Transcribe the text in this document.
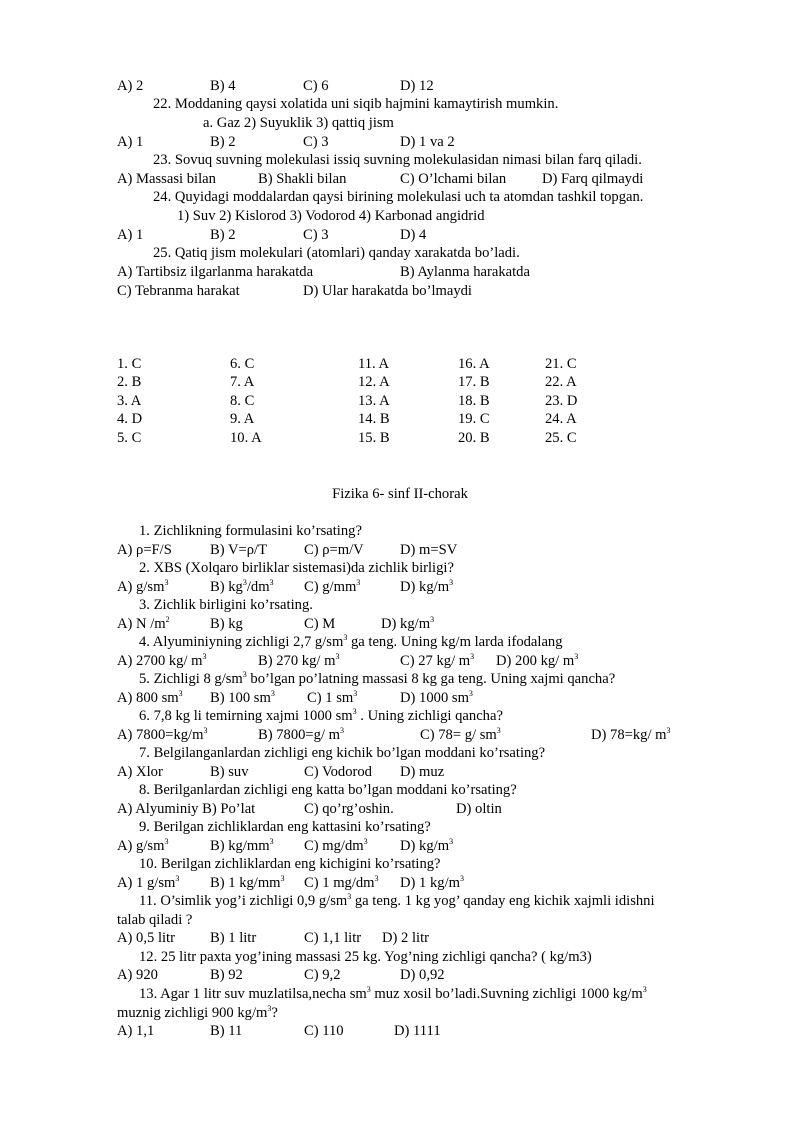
A) 2	B) 4	C) 6	D) 12
22. Moddaning qaysi xolatida uni siqib hajmini kamaytirish mumkin.
a. Gaz 2) Suyuklik 3) qattiq jism
A) 1	B) 2	C) 3	D) 1 va 2
23. Sovuq suvning molekulasi issiq suvning molekulasidan nimasi bilan farq qiladi.
A) Massasi bilan	B) Shakli bilan	C) O’lchami bilan D) Farq qilmaydi
24. Quyidagi moddalardan qaysi birining molekulasi uch ta atomdan tashkil topgan.
1) Suv 2) Kislorod 3) Vodorod 4) Karbonad angidrid
A) 1	B) 2	C) 3	D) 4
25. Qatiq jism molekulari (atomlari) qanday xarakatda bo’ladi.
A) Tartibsiz ilgarlanma harakatda	B) Aylanma harakatda
C) Tebranma harakat	D) Ular harakatda bo’lmaydi
1. C	6. C	11. A	16. A	21. C
2. B	7. A	12. A	17. B	22. A
3. A	8. C	13. A	18. B	23. D
4. D	9. A	14. B	19. C	24. A
5. C	10. A	15. B	20. B	25. C
Fizika 6- sinf II-chorak
1. Zichlikning formulasini ko’rsating?
A) ρ=F/S	B) V=ρ/T	C) ρ=m/V D) m=SV
2. XBS (Xolqaro birliklar sistemasi)da zichlik birligi?
A) $g/sm^3$	B) $kg^3/dm^3$ C) $g/mm^3$	D) $kg/m^3$
3. Zichlik birligini ko’rsating.
A) N $/m^2$	B) kg	C) M	D) $kg/m^3$
4. Alyuminiyning zichligi 2,7 $g/sm^3$ ga teng. Uning kg/m larda ifodalang
A) 2700 kg/ $m^3$	B) 270 kg/ $m^3$	C) 27 kg/ $m^3$ D) 200 kg/ $m^3$
5. Zichligi 8 $g/sm^3$ bo’lgan po’latning massasi 8 kg ga teng. Uning xajmi qancha?
A) 800 $sm^3$ B) 100 $sm^3$ C) 1 $sm^3$	D) 1000 $sm^3$
6. 7,8 kg li temirning xajmi 1000 $sm^3$ . Uning zichligi qancha?
A) $7800=kg/m^3$	B) 7800=g/ $m^3$	C) 78= g/ $sm^3$	D) 78=kg/ $m^3$
7. Belgilanganlardan zichligi eng kichik bo’lgan moddani ko’rsating?
A) Xlor	B) suv	C) Vodorod D) muz
8. Berilganlardan zichligi eng katta bo’lgan moddani ko’rsating?
A) Alyuminiy B) Po’lat	C) qo’rg’oshin.	D) oltin
9. Berilgan zichliklardan eng kattasini ko’rsating?
A) $g/sm^3$	B) $kg/mm^3$ C) $mg/dm^3$ D) $kg/m^3$
10. Berilgan zichliklardan eng kichigini ko’rsating?
A) 1 $g/sm^3$ B) 1 $kg/mm^3$ C) 1 $mg/dm^3$ D) 1 $kg/m^3$
11. O’simlik yog’i zichligi 0,9 $g/sm^3$ ga teng. 1 kg yog’ qanday eng kichik xajmli idishni
talab qiladi ?
A) 0,5 litr B) 1 litr	C) 1,1 litr D) 2 litr
12. 25 litr paxta yog’ining massasi 25 kg. Yog’ning zichligi qancha? ( kg/m3)
A) 920	B) 92	C) 9,2	D) 0,92
13. Agar 1 litr suv muzlatilsa,necha $sm^3$ muz xosil bo’ladi.Suvning zichligi 1000 $kg/m^3$
muznig zichligi 900 $kg/m^3$?
A) 1,1	B) 11	C) 110	D) 1111
